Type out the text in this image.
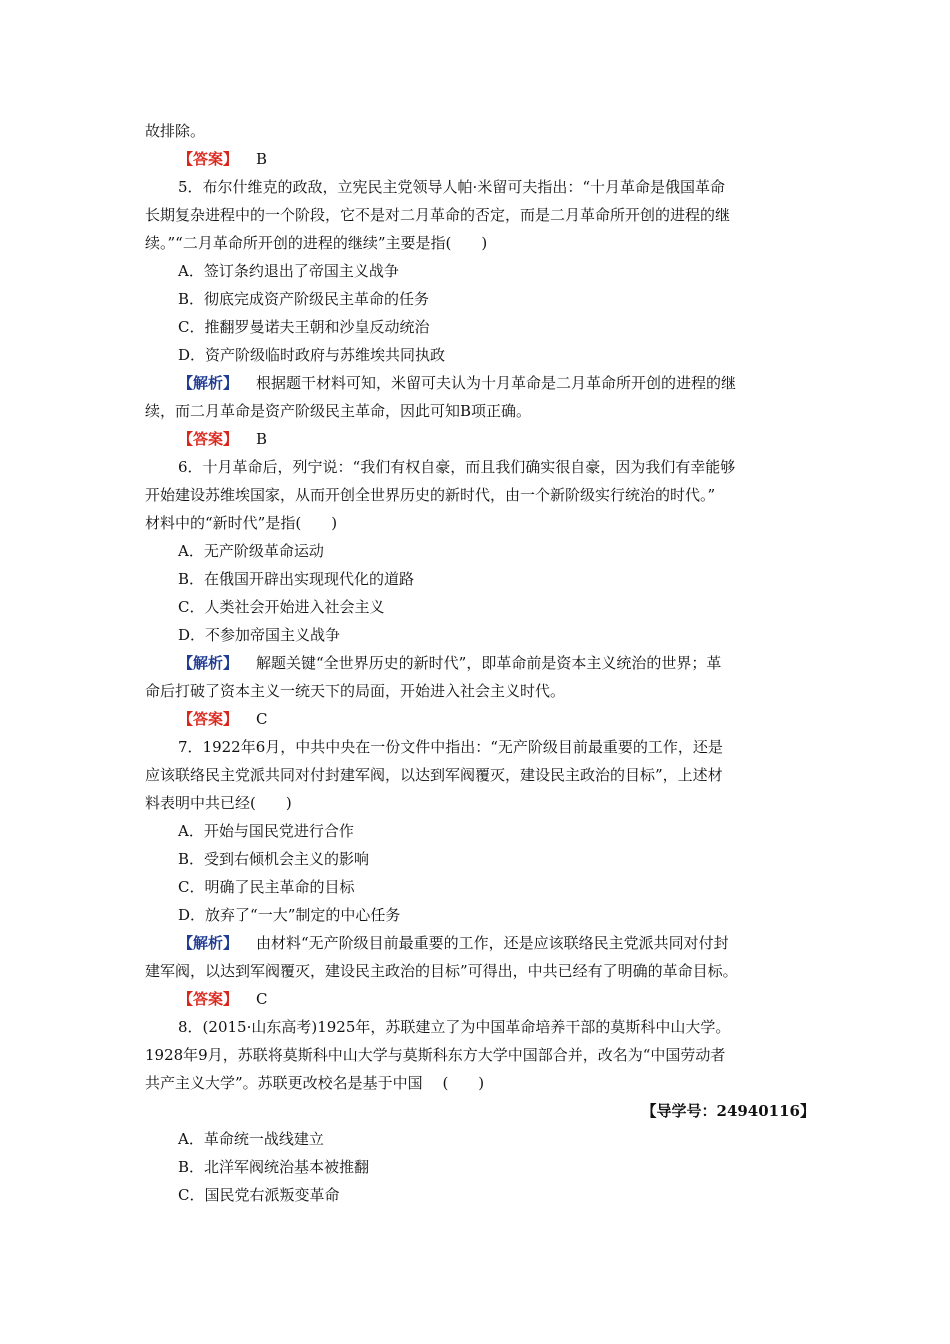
故排除。
【答案】 B
5．布尔什维克的政敌，立宪民主党领导人帕·米留可夫指出：“十月革命是俄国革命
长期复杂进程中的一个阶段，它不是对二月革命的否定，而是二月革命所开创的进程的继
续。”“二月革命所开创的进程的继续”主要是指(　　)
A．签订条约退出了帝国主义战争
B．彻底完成资产阶级民主革命的任务
C．推翻罗曼诺夫王朝和沙皇反动统治
D．资产阶级临时政府与苏维埃共同执政
【解析】 根据题干材料可知，米留可夫认为十月革命是二月革命所开创的进程的继
续，而二月革命是资产阶级民主革命，因此可知B项正确。
【答案】 B
6．十月革命后，列宁说：“我们有权自豪，而且我们确实很自豪，因为我们有幸能够
开始建设苏维埃国家，从而开创全世界历史的新时代，由一个新阶级实行统治的时代。”
材料中的“新时代”是指(　　)
A．无产阶级革命运动
B．在俄国开辟出实现现代化的道路
C．人类社会开始进入社会主义
D．不参加帝国主义战争
【解析】 解题关键“全世界历史的新时代”，即革命前是资本主义统治的世界；革
命后打破了资本主义一统天下的局面，开始进入社会主义时代。
【答案】 C
7．1922年6月，中共中央在一份文件中指出：“无产阶级目前最重要的工作，还是
应该联络民主党派共同对付封建军阀，以达到军阀覆灭，建设民主政治的目标”，上述材
料表明中共已经(　　)
A．开始与国民党进行合作
B．受到右倾机会主义的影响
C．明确了民主革命的目标
D．放弃了“一大”制定的中心任务
【解析】 由材料“无产阶级目前最重要的工作，还是应该联络民主党派共同对付封
建军阀，以达到军阀覆灭，建设民主政治的目标”可得出，中共已经有了明确的革命目标。
【答案】 C
8．(2015·山东高考)1925年，苏联建立了为中国革命培养干部的莫斯科中山大学。
1928年9月，苏联将莫斯科中山大学与莫斯科东方大学中国部合并，改名为“中国劳动者
共产主义大学”。苏联更改校名是基于中国　 (　　)
【导学号：24940116】
A．革命统一战线建立
B．北洋军阀统治基本被推翻
C．国民党右派叛变革命
